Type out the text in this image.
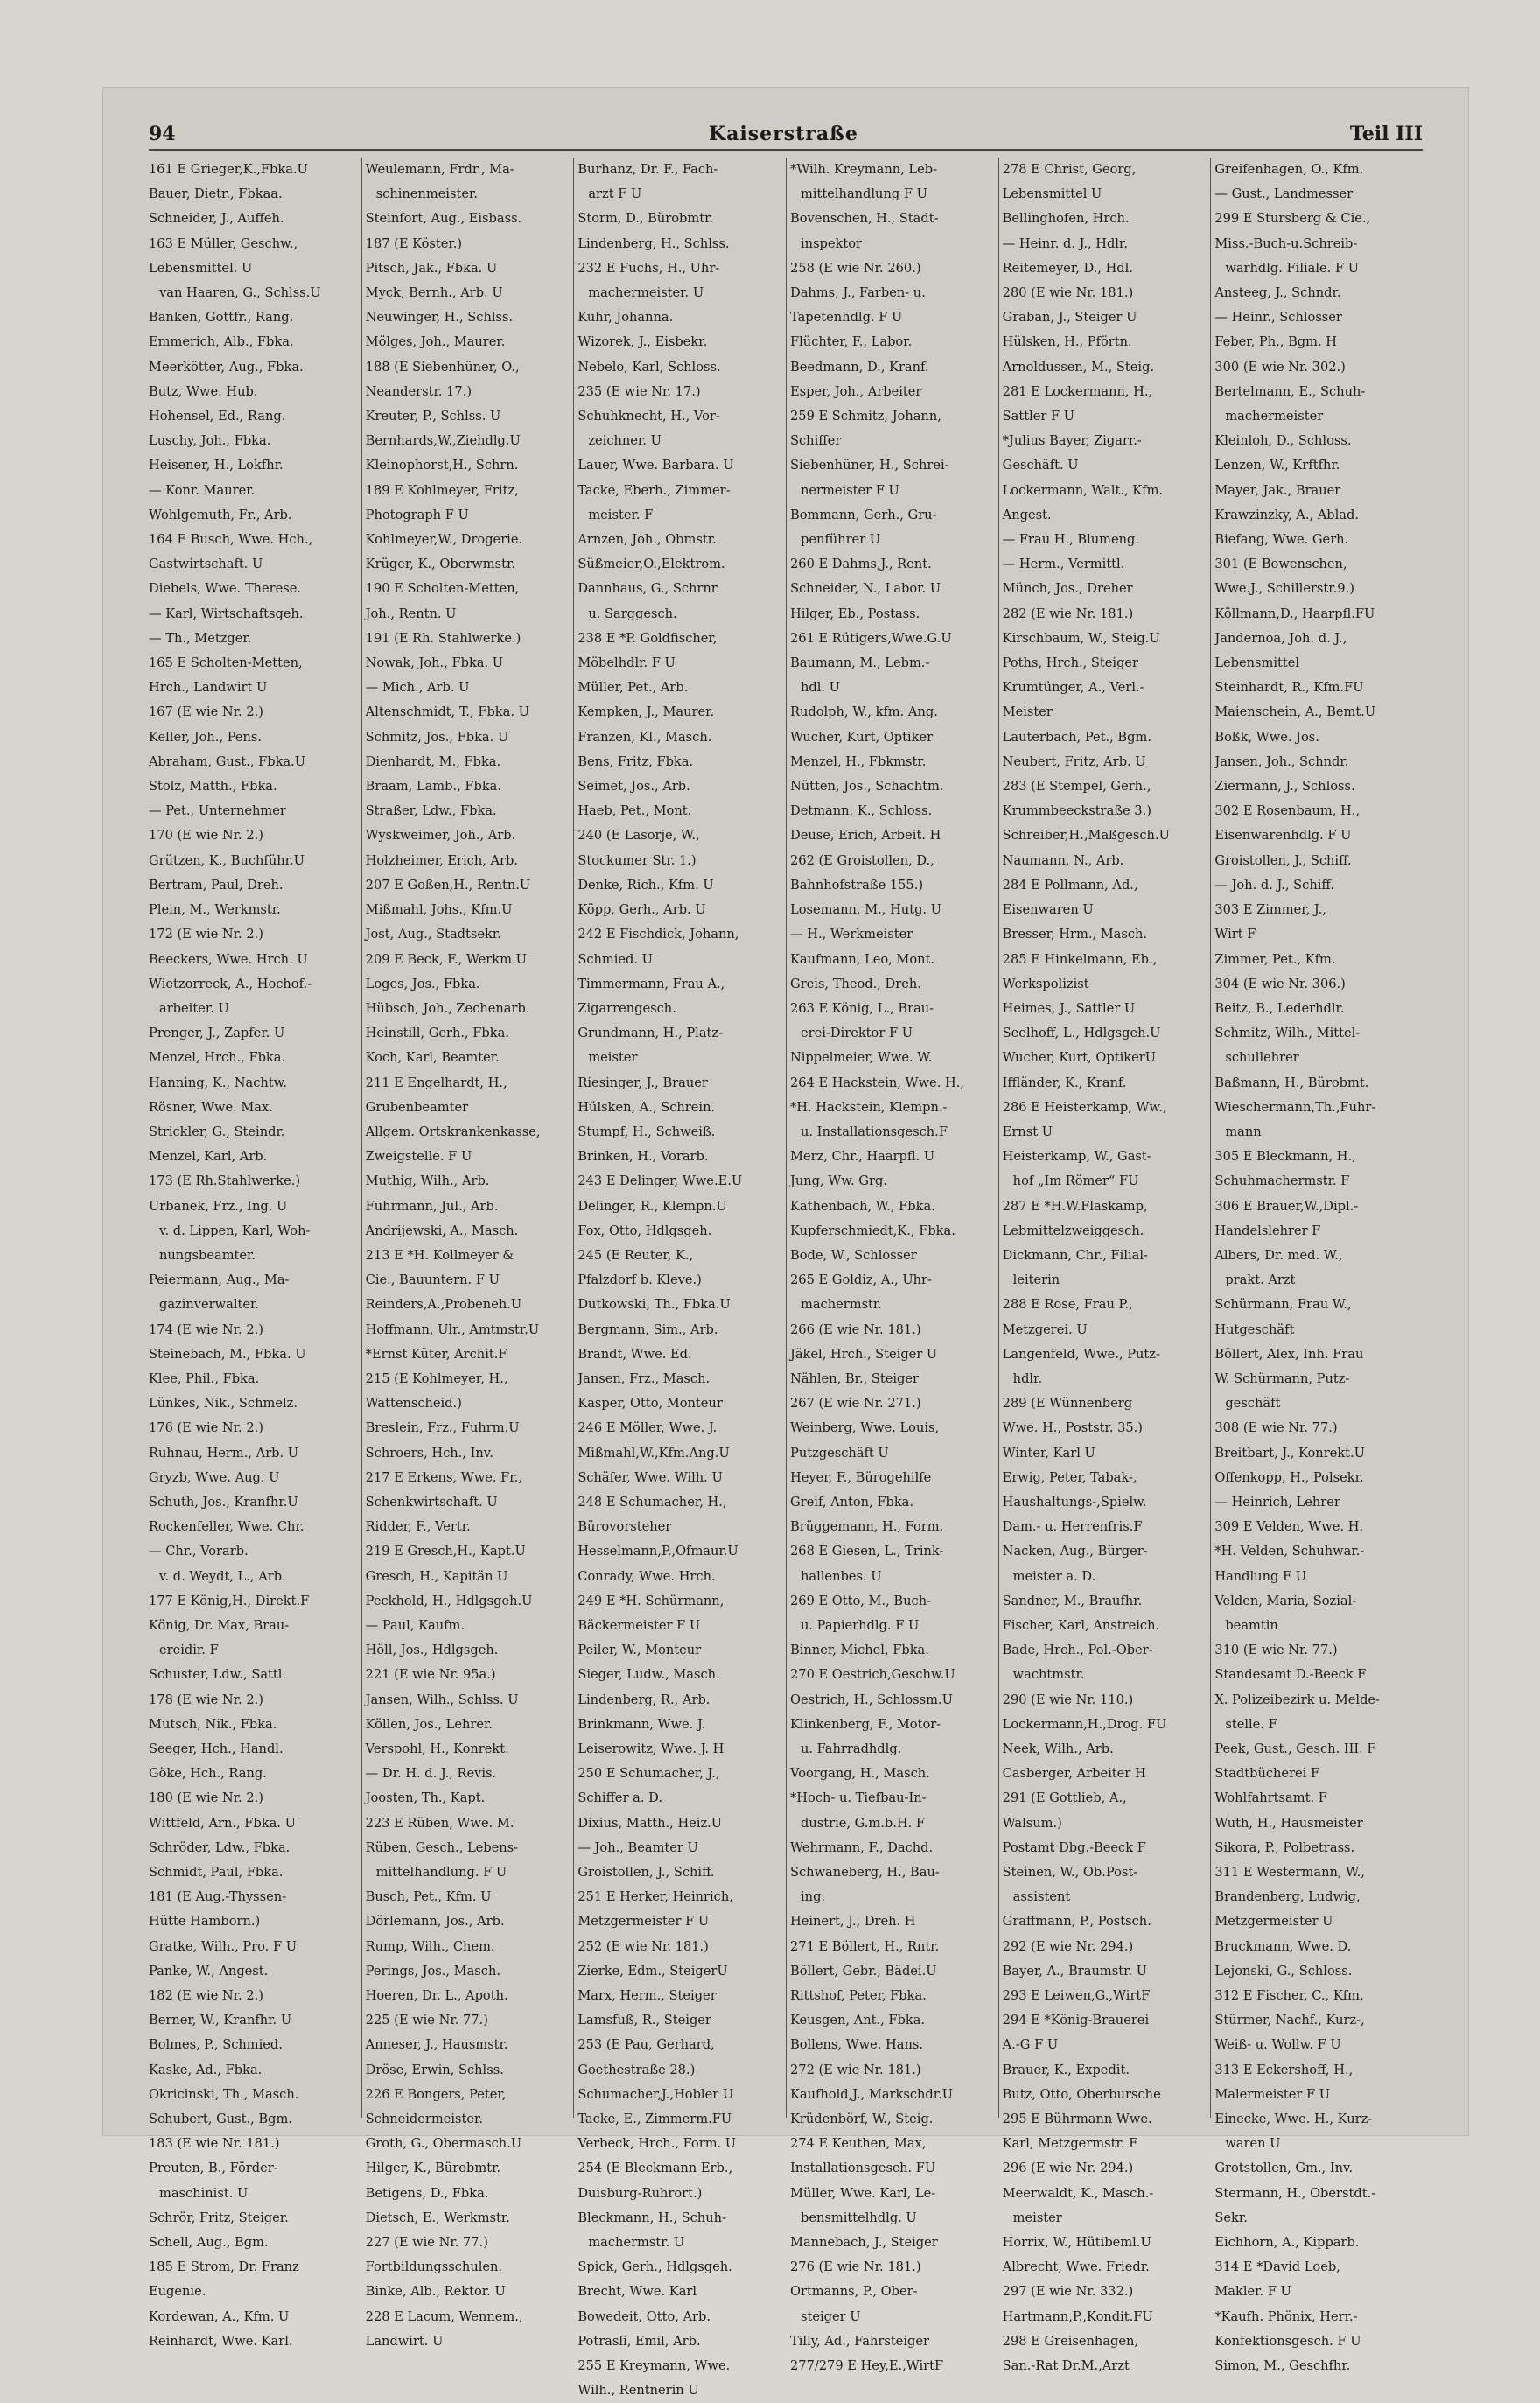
94	Kaiserstraße	Teil III
161 E Grieger,K.,Fbka.U
Bauer, Dietr., Fbkaa.
Schneider, J., Auffeh.
163 E Müller, Geschw.,
Lebensmittel. U
van Haaren, G., Schlss.U
Banken, Gottfr., Rang.
Emmerich, Alb., Fbka.
Meerkötter, Aug., Fbka.
Butz, Wwe. Hub.
Hohensel, Ed., Rang.
Luschy, Joh., Fbka.
Heisener, H., Lokfhr.
— Konr. Maurer.
Wohlgemuth, Fr., Arb.
164 E Busch, Wwe. Hch.,
Gastwirtschaft. U
Diebels, Wwe. Therese.
— Karl, Wirtschaftsgeh.
— Th., Metzger.
165 E Scholten-Metten,
Hrch., Landwirt U
167 (E wie Nr. 2.)
Keller, Joh., Pens.
Abraham, Gust., Fbka.U
Stolz, Matth., Fbka.
— Pet., Unternehmer
170 (E wie Nr. 2.)
Grützen, K., Buchführ.U
Bertram, Paul, Dreh.
Plein, M., Werkmstr.
172 (E wie Nr. 2.)
Beeckers, Wwe. Hrch. U
Wietzorreck, A., Hochof.-
arbeiter. U
Prenger, J., Zapfer. U
Menzel, Hrch., Fbka.
Hanning, K., Nachtw.
Rösner, Wwe. Max.
Strickler, G., Steindr.
Menzel, Karl, Arb.
173 (E Rh.Stahlwerke.)
Urbanek, Frz., Ing. U
v. d. Lippen, Karl, Woh-
nungsbeamter.
Peiermann, Aug., Ma-
gazinverwalter.
174 (E wie Nr. 2.)
Steinebach, M., Fbka. U
Klee, Phil., Fbka.
Lünkes, Nik., Schmelz.
176 (E wie Nr. 2.)
Ruhnau, Herm., Arb. U
Gryzb, Wwe. Aug. U
Schuth, Jos., Kranfhr.U
Rockenfeller, Wwe. Chr.
— Chr., Vorarb.
v. d. Weydt, L., Arb.
177 E König,H., Direkt.F
König, Dr. Max, Brau-
ereidir. F
Schuster, Ldw., Sattl.
178 (E wie Nr. 2.)
Mutsch, Nik., Fbka.
Seeger, Hch., Handl.
Göke, Hch., Rang.
180 (E wie Nr. 2.)
Wittfeld, Arn., Fbka. U
Schröder, Ldw., Fbka.
Schmidt, Paul, Fbka.
181 (E Aug.-Thyssen-
Hütte Hamborn.)
Gratke, Wilh., Pro. F U
Panke, W., Angest.
182 (E wie Nr. 2.)
Berner, W., Kranfhr. U
Bolmes, P., Schmied.
Kaske, Ad., Fbka.
Okricinski, Th., Masch.
Schubert, Gust., Bgm.
183 (E wie Nr. 181.)
Preuten, B., Förder-
maschinist. U
Schrör, Fritz, Steiger.
Schell, Aug., Bgm.
185 E Strom, Dr. Franz
Eugenie.
Kordewan, A., Kfm. U
Reinhardt, Wwe. Karl.
Weulemann, Frdr., Ma-
schinenmeister.
Steinfort, Aug., Eisbass.
187 (E Köster.)
Pitsch, Jak., Fbka. U
Myck, Bernh., Arb. U
Neuwinger, H., Schlss.
Mölges, Joh., Maurer.
188 (E Siebenhüner, O.,
Neanderstr. 17.)
Kreuter, P., Schlss. U
Bernhards,W.,Ziehdlg.U
Kleinophorst,H., Schrn.
189 E Kohlmeyer, Fritz,
Photograph F U
Kohlmeyer,W., Drogerie.
Krüger, K., Oberwmstr.
190 E Scholten-Metten,
Joh., Rentn. U
191 (E Rh. Stahlwerke.)
Nowak, Joh., Fbka. U
— Mich., Arb. U
Altenschmidt, T., Fbka. U
Schmitz, Jos., Fbka. U
Dienhardt, M., Fbka.
Braam, Lamb., Fbka.
Straßer, Ldw., Fbka.
Wyskweimer, Joh., Arb.
Holzheimer, Erich, Arb.
207 E Goßen,H., Rentn.U
Mißmahl, Johs., Kfm.U
Jost, Aug., Stadtsekr.
209 E Beck, F., Werkm.U
Loges, Jos., Fbka.
Hübsch, Joh., Zechenarb.
Heinstill, Gerh., Fbka.
Koch, Karl, Beamter.
211 E Engelhardt, H.,
Grubenbeamter
Allgem. Ortskrankenkasse,
Zweigstelle. F U
Muthig, Wilh., Arb.
Fuhrmann, Jul., Arb.
Andrijewski, A., Masch.
213 E *H. Kollmeyer &
Cie., Bauuntern. F U
Reinders,A.,Probeneh.U
Hoffmann, Ulr., Amtmstr.U
*Ernst Küter, Archit.F
215 (E Kohlmeyer, H.,
Wattenscheid.)
Breslein, Frz., Fuhrm.U
Schroers, Hch., Inv.
217 E Erkens, Wwe. Fr.,
Schenkwirtschaft. U
Ridder, F., Vertr.
219 E Gresch,H., Kapt.U
Gresch, H., Kapitän U
Peckhold, H., Hdlgsgeh.U
— Paul, Kaufm.
Höll, Jos., Hdlgsgeh.
221 (E wie Nr. 95a.)
Jansen, Wilh., Schlss. U
Köllen, Jos., Lehrer.
Verspohl, H., Konrekt.
— Dr. H. d. J., Revis.
Joosten, Th., Kapt.
223 E Rüben, Wwe. M.
Rüben, Gesch., Lebens-
mittelhandlung. F U
Busch, Pet., Kfm. U
Dörlemann, Jos., Arb.
Rump, Wilh., Chem.
Perings, Jos., Masch.
Hoeren, Dr. L., Apoth.
225 (E wie Nr. 77.)
Anneser, J., Hausmstr.
Dröse, Erwin, Schlss.
226 E Bongers, Peter,
Schneidermeister.
Groth, G., Obermasch.U
Hilger, K., Bürobmtr.
Betigens, D., Fbka.
Dietsch, E., Werkmstr.
227 (E wie Nr. 77.)
Fortbildungsschulen.
Binke, Alb., Rektor. U
228 E Lacum, Wennem.,
Landwirt. U
Burhanz, Dr. F., Fach-
arzt F U
Storm, D., Bürobmtr.
Lindenberg, H., Schlss.
232 E Fuchs, H., Uhr-
machermeister. U
Kuhr, Johanna.
Wizorek, J., Eisbekr.
Nebelo, Karl, Schloss.
235 (E wie Nr. 17.)
Schuhknecht, H., Vor-
zeichner. U
Lauer, Wwe. Barbara. U
Tacke, Eberh., Zimmer-
meister. F
Arnzen, Joh., Obmstr.
Süßmeier,O.,Elektrom.
Dannhaus, G., Schrnr.
u. Sarggesch.
238 E *P. Goldfischer,
Möbelhdlr. F U
Müller, Pet., Arb.
Kempken, J., Maurer.
Franzen, Kl., Masch.
Bens, Fritz, Fbka.
Seimet, Jos., Arb.
Haeb, Pet., Mont.
240 (E Lasorje, W.,
Stockumer Str. 1.)
Denke, Rich., Kfm. U
Köpp, Gerh., Arb. U
242 E Fischdick, Johann,
Schmied. U
Timmermann, Frau A.,
Zigarrengesch.
Grundmann, H., Platz-
meister
Riesinger, J., Brauer
Hülsken, A., Schrein.
Stumpf, H., Schweiß.
Brinken, H., Vorarb.
243 E Delinger, Wwe.E.U
Delinger, R., Klempn.U
Fox, Otto, Hdlgsgeh.
245 (E Reuter, K.,
Pfalzdorf b. Kleve.)
Dutkowski, Th., Fbka.U
Bergmann, Sim., Arb.
Brandt, Wwe. Ed.
Jansen, Frz., Masch.
Kasper, Otto, Monteur
246 E Möller, Wwe. J.
Mißmahl,W.,Kfm.Ang.U
Schäfer, Wwe. Wilh. U
248 E Schumacher, H.,
Bürovorsteher
Hesselmann,P.,Ofmaur.U
Conrady, Wwe. Hrch.
249 E *H. Schürmann,
Bäckermeister F U
Peiler, W., Monteur
Sieger, Ludw., Masch.
Lindenberg, R., Arb.
Brinkmann, Wwe. J.
Leiserowitz, Wwe. J. H
250 E Schumacher, J.,
Schiffer a. D.
Dixius, Matth., Heiz.U
— Joh., Beamter U
Groistollen, J., Schiff.
251 E Herker, Heinrich,
Metzgermeister F U
252 (E wie Nr. 181.)
Zierke, Edm., SteigerU
Marx, Herm., Steiger
Lamsfuß, R., Steiger
253 (E Pau, Gerhard,
Goethestraße 28.)
Schumacher,J.,Hobler U
Tacke, E., Zimmerm.FU
Verbeck, Hrch., Form. U
254 (E Bleckmann Erb.,
Duisburg-Ruhrort.)
Bleckmann, H., Schuh-
machermstr. U
Spick, Gerh., Hdlgsgeh.
Brecht, Wwe. Karl
Bowedeit, Otto, Arb.
Potrasli, Emil, Arb.
255 E Kreymann, Wwe.
Wilh., Rentnerin U
*Wilh. Kreymann, Leb-
mittelhandlung F U
Bovenschen, H., Stadt-
inspektor
258 (E wie Nr. 260.)
Dahms, J., Farben- u.
Tapetenhdlg. F U
Flüchter, F., Labor.
Beedmann, D., Kranf.
Esper, Joh., Arbeiter
259 E Schmitz, Johann,
Schiffer
Siebenhüner, H., Schrei-
nermeister F U
Bommann, Gerh., Gru-
penführer U
260 E Dahms,J., Rent.
Schneider, N., Labor. U
Hilger, Eb., Postass.
261 E Rütigers,Wwe.G.U
Baumann, M., Lebm.-
hdl. U
Rudolph, W., kfm. Ang.
Wucher, Kurt, Optiker
Menzel, H., Fbkmstr.
Nütten, Jos., Schachtm.
Detmann, K., Schloss.
Deuse, Erich, Arbeit. H
262 (E Groistollen, D.,
Bahnhofstraße 155.)
Losemann, M., Hutg. U
— H., Werkmeister
Kaufmann, Leo, Mont.
Greis, Theod., Dreh.
263 E König, L., Brau-
erei-Direktor F U
Nippelmeier, Wwe. W.
264 E Hackstein, Wwe. H.,
*H. Hackstein, Klempn.-
u. Installationsgesch.F
Merz, Chr., Haarpfl. U
Jung, Ww. Grg.
Kathenbach, W., Fbka.
Kupferschmiedt,K., Fbka.
Bode, W., Schlosser
265 E Goldiz, A., Uhr-
machermstr.
266 (E wie Nr. 181.)
Jäkel, Hrch., Steiger U
Nählen, Br., Steiger
267 (E wie Nr. 271.)
Weinberg, Wwe. Louis,
Putzgeschäft U
Heyer, F., Bürogehilfe
Greif, Anton, Fbka.
Brüggemann, H., Form.
268 E Giesen, L., Trink-
hallenbes. U
269 E Otto, M., Buch-
u. Papierhdlg. F U
Binner, Michel, Fbka.
270 E Oestrich,Geschw.U
Oestrich, H., Schlossm.U
Klinkenberg, F., Motor-
u. Fahrradhdlg.
Voorgang, H., Masch.
*Hoch- u. Tiefbau-In-
dustrie, G.m.b.H. F
Wehrmann, F., Dachd.
Schwaneberg, H., Bau-
ing.
Heinert, J., Dreh. H
271 E Böllert, H., Rntr.
Böllert, Gebr., Bädei.U
Rittshof, Peter, Fbka.
Keusgen, Ant., Fbka.
Bollens, Wwe. Hans.
272 (E wie Nr. 181.)
Kaufhold,J., Markschdr.U
Krüdenbörf, W., Steig.
274 E Keuthen, Max,
Installationsgesch. FU
Müller, Wwe. Karl, Le-
bensmittelhdlg. U
Mannebach, J., Steiger
276 (E wie Nr. 181.)
Ortmanns, P., Ober-
steiger U
Tilly, Ad., Fahrsteiger
277/279 E Hey,E.,WirtF
278 E Christ, Georg,
Lebensmittel U
Bellinghofen, Hrch.
— Heinr. d. J., Hdlr.
Reitemeyer, D., Hdl.
280 (E wie Nr. 181.)
Graban, J., Steiger U
Hülsken, H., Pförtn.
Arnoldussen, M., Steig.
281 E Lockermann, H.,
Sattler F U
*Julius Bayer, Zigarr.-
Geschäft. U
Lockermann, Walt., Kfm.
Angest.
— Frau H., Blumeng.
— Herm., Vermittl.
Münch, Jos., Dreher
282 (E wie Nr. 181.)
Kirschbaum, W., Steig.U
Poths, Hrch., Steiger
Krumtünger, A., Verl.-
Meister
Lauterbach, Pet., Bgm.
Neubert, Fritz, Arb. U
283 (E Stempel, Gerh.,
Krummbeeckstraße 3.)
Schreiber,H.,Maßgesch.U
Naumann, N., Arb.
284 E Pollmann, Ad.,
Eisenwaren U
Bresser, Hrm., Masch.
285 E Hinkelmann, Eb.,
Werkspolizist
Heimes, J., Sattler U
Seelhoff, L., Hdlgsgeh.U
Wucher, Kurt, OptikerU
Iffländer, K., Kranf.
286 E Heisterkamp, Ww.,
Ernst U
Heisterkamp, W., Gast-
hof „Im Römer“ FU
287 E *H.W.Flaskamp,
Lebmittelzweiggesch.
Dickmann, Chr., Filial-
leiterin
288 E Rose, Frau P.,
Metzgerei. U
Langenfeld, Wwe., Putz-
hdlr.
289 (E Wünnenberg
Wwe. H., Poststr. 35.)
Winter, Karl U
Erwig, Peter, Tabak-,
Haushaltungs-,Spielw.
Dam.- u. Herrenfris.F
Nacken, Aug., Bürger-
meister a. D.
Sandner, M., Braufhr.
Fischer, Karl, Anstreich.
Bade, Hrch., Pol.-Ober-
wachtmstr.
290 (E wie Nr. 110.)
Lockermann,H.,Drog. FU
Neek, Wilh., Arb.
Casberger, Arbeiter H
291 (E Gottlieb, A.,
Walsum.)
Postamt Dbg.-Beeck F
Steinen, W., Ob.Post-
assistent
Graffmann, P., Postsch.
292 (E wie Nr. 294.)
Bayer, A., Braumstr. U
293 E Leiwen,G.,WirtF
294 E *König-Brauerei
A.-G F U
Brauer, K., Expedit.
Butz, Otto, Oberbursche
295 E Bührmann Wwe.
Karl, Metzgermstr. F
296 (E wie Nr. 294.)
Meerwaldt, K., Masch.-
meister
Horrix, W., Hütibeml.U
Albrecht, Wwe. Friedr.
297 (E wie Nr. 332.)
Hartmann,P.,Kondit.FU
298 E Greisenhagen,
San.-Rat Dr.M.,Arzt
Greifenhagen, O., Kfm.
— Gust., Landmesser
299 E Stursberg & Cie.,
Miss.-Buch-u.Schreib-
warhdlg. Filiale. F U
Ansteeg, J., Schndr.
— Heinr., Schlosser
Feber, Ph., Bgm. H
300 (E wie Nr. 302.)
Bertelmann, E., Schuh-
machermeister
Kleinloh, D., Schloss.
Lenzen, W., Krftfhr.
Mayer, Jak., Brauer
Krawzinzky, A., Ablad.
Biefang, Wwe. Gerh.
301 (E Bowenschen,
Wwe.J., Schillerstr.9.)
Köllmann,D., Haarpfl.FU
Jandernoa, Joh. d. J.,
Lebensmittel
Steinhardt, R., Kfm.FU
Maienschein, A., Bemt.U
Boßk, Wwe. Jos.
Jansen, Joh., Schndr.
Ziermann, J., Schloss.
302 E Rosenbaum, H.,
Eisenwarenhdlg. F U
Groistollen, J., Schiff.
— Joh. d. J., Schiff.
303 E Zimmer, J.,
Wirt F
Zimmer, Pet., Kfm.
304 (E wie Nr. 306.)
Beitz, B., Lederhdlr.
Schmitz, Wilh., Mittel-
schullehrer
Baßmann, H., Bürobmt.
Wieschermann,Th.,Fuhr-
mann
305 E Bleckmann, H.,
Schuhmachermstr. F
306 E Brauer,W.,Dipl.-
Handelslehrer F
Albers, Dr. med. W.,
prakt. Arzt
Schürmann, Frau W.,
Hutgeschäft
Böllert, Alex, Inh. Frau
W. Schürmann, Putz-
geschäft
308 (E wie Nr. 77.)
Breitbart, J., Konrekt.U
Offenkopp, H., Polsekr.
— Heinrich, Lehrer
309 E Velden, Wwe. H.
*H. Velden, Schuhwar.-
Handlung F U
Velden, Maria, Sozial-
beamtin
310 (E wie Nr. 77.)
Standesamt D.-Beeck F
X. Polizeibezirk u. Melde-
stelle. F
Peek, Gust., Gesch. III. F
Stadtbücherei F
Wohlfahrtsamt. F
Wuth, H., Hausmeister
Sikora, P., Polbetrass.
311 E Westermann, W.,
Brandenberg, Ludwig,
Metzgermeister U
Bruckmann, Wwe. D.
Lejonski, G., Schloss.
312 E Fischer, C., Kfm.
Stürmer, Nachf., Kurz-,
Weiß- u. Wollw. F U
313 E Eckershoff, H.,
Malermeister F U
Einecke, Wwe. H., Kurz-
waren U
Grotstollen, Gm., Inv.
Stermann, H., Oberstdt.-
Sekr.
Eichhorn, A., Kipparb.
314 E *David Loeb,
Makler. F U
*Kaufh. Phönix, Herr.-
Konfektionsgesch. F U
Simon, M., Geschfhr.
